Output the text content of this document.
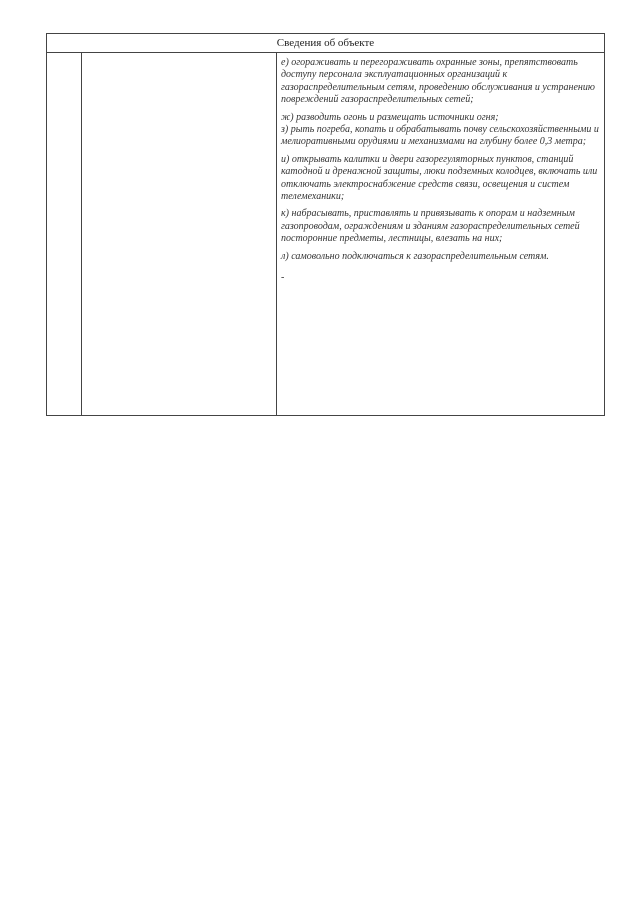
Сведения об объекте

е) огораживать и перегораживать охранные зоны, препятствовать доступу персонала эксплуатационных организаций к газораспределительным сетям, проведению обслуживания и устранению повреждений газораспределительных сетей;

ж) разводить огонь и размещать источники огня;

з) рыть погреба, копать и обрабатывать почву сельскохозяйственными и мелиоративными орудиями и механизмами на глубину более 0,3 метра;

и) открывать калитки и двери газорегуляторных пунктов, станций катодной и дренажной защиты, люки подземных колодцев, включать или отключать электроснабжение средств связи, освещения и систем телемеханики;

к) набрасывать, приставлять и привязывать к опорам и надземным газопроводам, ограждениям и зданиям газораспределительных сетей посторонние предметы, лестницы, влезать на них;

л) самовольно подключаться к газораспределительным сетям.

-
